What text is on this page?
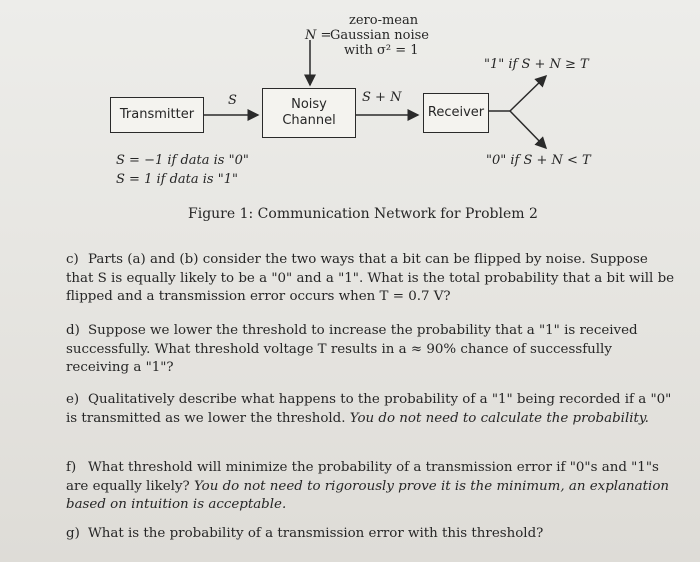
zero-mean
Gaussian noise
with σ² = 1
N =
"1" if S + N ≥ T
S	S + N
Transmitter
Noisy
Channel
Receiver
S = −1 if data is "0"
S = 1 if data is "1"
"0" if S + N < T
Figure 1: Communication Network for Problem 2
c) Parts (a) and (b) consider the two ways that a bit can be flipped by noise. Suppose that S is equally likely to be a "0" and a "1". What is the total probability that a bit will be flipped and a transmission error occurs when T = 0.7 V?
d) Suppose we lower the threshold to increase the probability that a "1" is received successfully. What threshold voltage T results in a ≈ 90% chance of successfully receiving a "1"?
e) Qualitatively describe what happens to the probability of a "1" being recorded if a "0" is transmitted as we lower the threshold. You do not need to calculate the probability.
f) What threshold will minimize the probability of a transmission error if "0"s and "1"s are equally likely? You do not need to rigorously prove it is the minimum, an explanation based on intuition is acceptable.
g) What is the probability of a transmission error with this threshold?
